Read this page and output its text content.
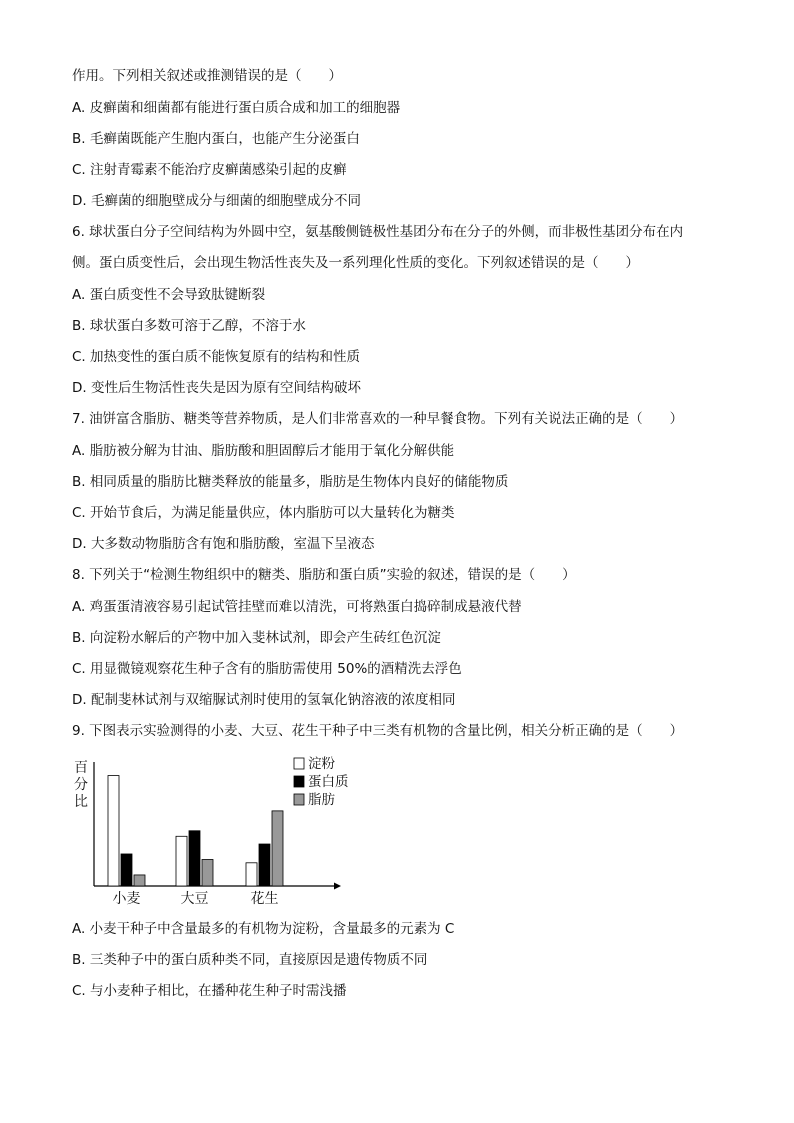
作用。下列相关叙述或推测错误的是（　　）
A. 皮癣菌和细菌都有能进行蛋白质合成和加工的细胞器
B. 毛癣菌既能产生胞内蛋白，也能产生分泌蛋白
C. 注射青霉素不能治疗皮癣菌感染引起的皮癣
D. 毛癣菌的细胞壁成分与细菌的细胞壁成分不同
6. 球状蛋白分子空间结构为外圆中空，氨基酸侧链极性基团分布在分子的外侧，而非极性基团分布在内
侧。蛋白质变性后，会出现生物活性丧失及一系列理化性质的变化。下列叙述错误的是（　　）
A. 蛋白质变性不会导致肽键断裂
B. 球状蛋白多数可溶于乙醇，不溶于水
C. 加热变性的蛋白质不能恢复原有的结构和性质
D. 变性后生物活性丧失是因为原有空间结构破坏
7. 油饼富含脂肪、糖类等营养物质，是人们非常喜欢的一种早餐食物。下列有关说法正确的是（　　）
A. 脂肪被分解为甘油、脂肪酸和胆固醇后才能用于氧化分解供能
B. 相同质量的脂肪比糖类释放的能量多，脂肪是生物体内良好的储能物质
C. 开始节食后，为满足能量供应，体内脂肪可以大量转化为糖类
D. 大多数动物脂肪含有饱和脂肪酸，室温下呈液态
8. 下列关于“检测生物组织中的糖类、脂肪和蛋白质”实验的叙述，错误的是（　　）
A. 鸡蛋蛋清液容易引起试管挂壁而难以清洗，可将熟蛋白捣碎制成悬液代替
B. 向淀粉水解后的产物中加入斐林试剂，即会产生砖红色沉淀
C. 用显微镜观察花生种子含有的脂肪需使用 50%的酒精洗去浮色
D. 配制斐林试剂与双缩脲试剂时使用的氢氧化钠溶液的浓度相同
9. 下图表示实验测得的小麦、大豆、花生干种子中三类有机物的含量比例，相关分析正确的是（　　）
A. 小麦干种子中含量最多的有机物为淀粉，含量最多的元素为 C
B. 三类种子中的蛋白质种类不同，直接原因是遗传物质不同
C. 与小麦种子相比，在播种花生种子时需浅播
百
分
比
小麦	大豆	花生
淀粉
蛋白质
脂肪
